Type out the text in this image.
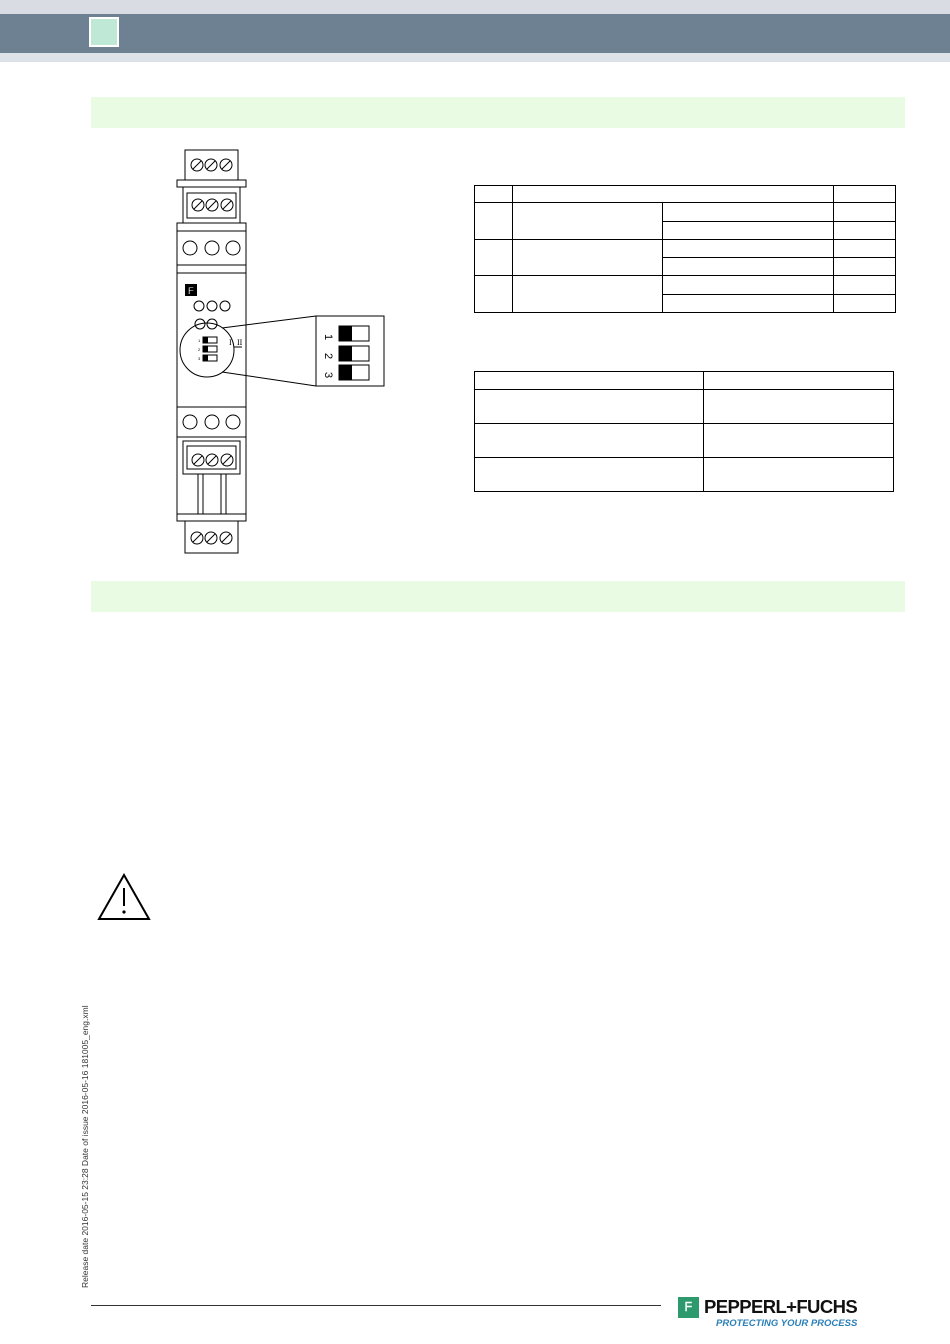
ᖴ
1
2
3
I II
1
2
3

Release date 2016-05-15 23:28 Date of issue 2016-05-16 181005_eng.xml
ᖴ PEPPERL+FUCHS
PROTECTING YOUR PROCESS
